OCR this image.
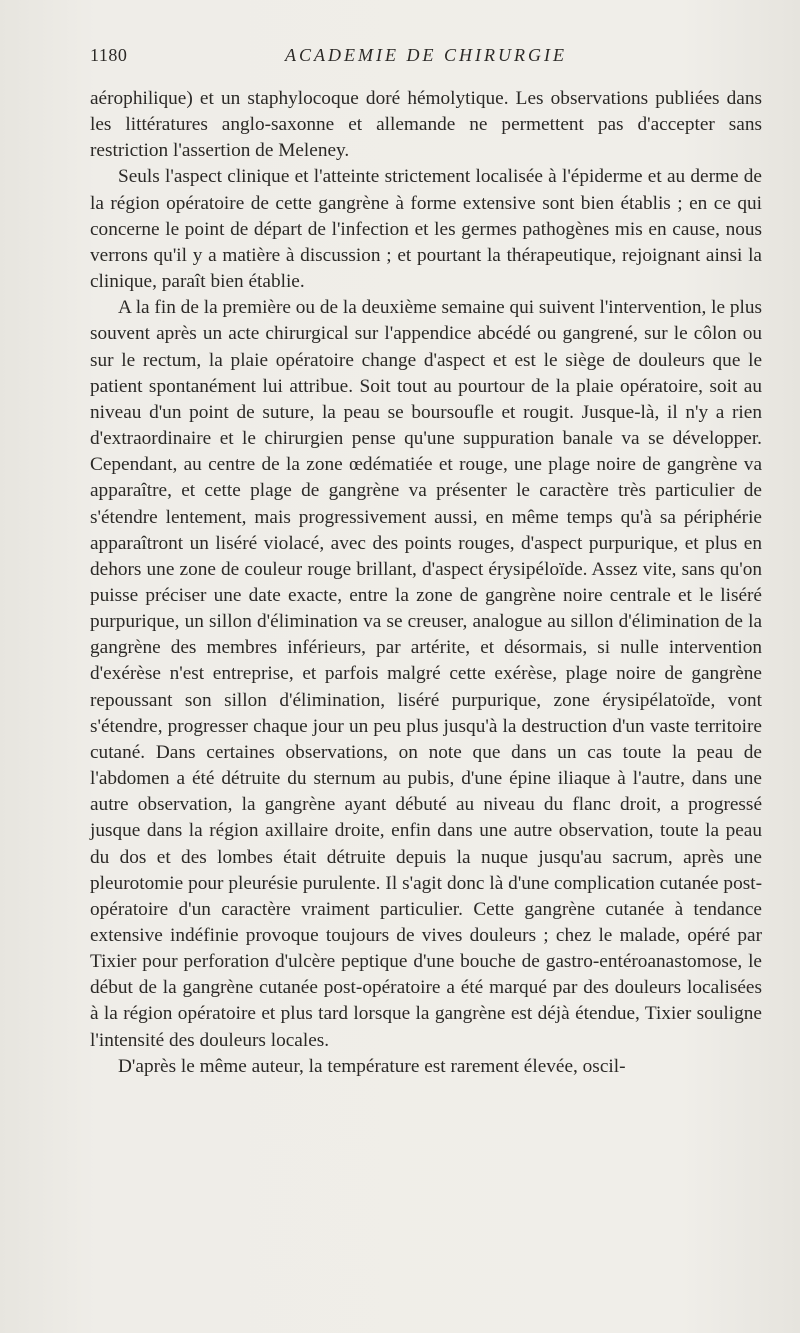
1180	ACADEMIE DE CHIRURGIE

aérophilique) et un staphylocoque doré hémolytique. Les observations publiées dans les littératures anglo-saxonne et allemande ne permettent pas d'accepter sans restriction l'assertion de Meleney.

Seuls l'aspect clinique et l'atteinte strictement localisée à l'épiderme et au derme de la région opératoire de cette gangrène à forme extensive sont bien établis ; en ce qui concerne le point de départ de l'infection et les germes pathogènes mis en cause, nous verrons qu'il y a matière à discussion ; et pourtant la thérapeutique, rejoignant ainsi la clinique, paraît bien établie.

A la fin de la première ou de la deuxième semaine qui suivent l'intervention, le plus souvent après un acte chirurgical sur l'appendice abcédé ou gangrené, sur le côlon ou sur le rectum, la plaie opératoire change d'aspect et est le siège de douleurs que le patient spontanément lui attribue. Soit tout au pourtour de la plaie opératoire, soit au niveau d'un point de suture, la peau se boursoufle et rougit. Jusque-là, il n'y a rien d'extraordinaire et le chirurgien pense qu'une suppuration banale va se développer. Cependant, au centre de la zone œdématiée et rouge, une plage noire de gangrène va apparaître, et cette plage de gangrène va présenter le caractère très particulier de s'étendre lentement, mais progressivement aussi, en même temps qu'à sa périphérie apparaîtront un liséré violacé, avec des points rouges, d'aspect purpurique, et plus en dehors une zone de couleur rouge brillant, d'aspect érysipéloïde. Assez vite, sans qu'on puisse préciser une date exacte, entre la zone de gangrène noire centrale et le liséré purpurique, un sillon d'élimination va se creuser, analogue au sillon d'élimination de la gangrène des membres inférieurs, par artérite, et désormais, si nulle intervention d'exérèse n'est entreprise, et parfois malgré cette exérèse, plage noire de gangrène repoussant son sillon d'élimination, liséré purpurique, zone érysipélatoïde, vont s'étendre, progresser chaque jour un peu plus jusqu'à la destruction d'un vaste territoire cutané. Dans certaines observations, on note que dans un cas toute la peau de l'abdomen a été détruite du sternum au pubis, d'une épine iliaque à l'autre, dans une autre observation, la gangrène ayant débuté au niveau du flanc droit, a progressé jusque dans la région axillaire droite, enfin dans une autre observation, toute la peau du dos et des lombes était détruite depuis la nuque jusqu'au sacrum, après une pleurotomie pour pleurésie purulente. Il s'agit donc là d'une complication cutanée post-opératoire d'un caractère vraiment particulier. Cette gangrène cutanée à tendance extensive indéfinie provoque toujours de vives douleurs ; chez le malade, opéré par Tixier pour perforation d'ulcère peptique d'une bouche de gastro-entéroanastomose, le début de la gangrène cutanée post-opératoire a été marqué par des douleurs localisées à la région opératoire et plus tard lorsque la gangrène est déjà étendue, Tixier souligne l'intensité des douleurs locales.

D'après le même auteur, la température est rarement élevée, oscil-
